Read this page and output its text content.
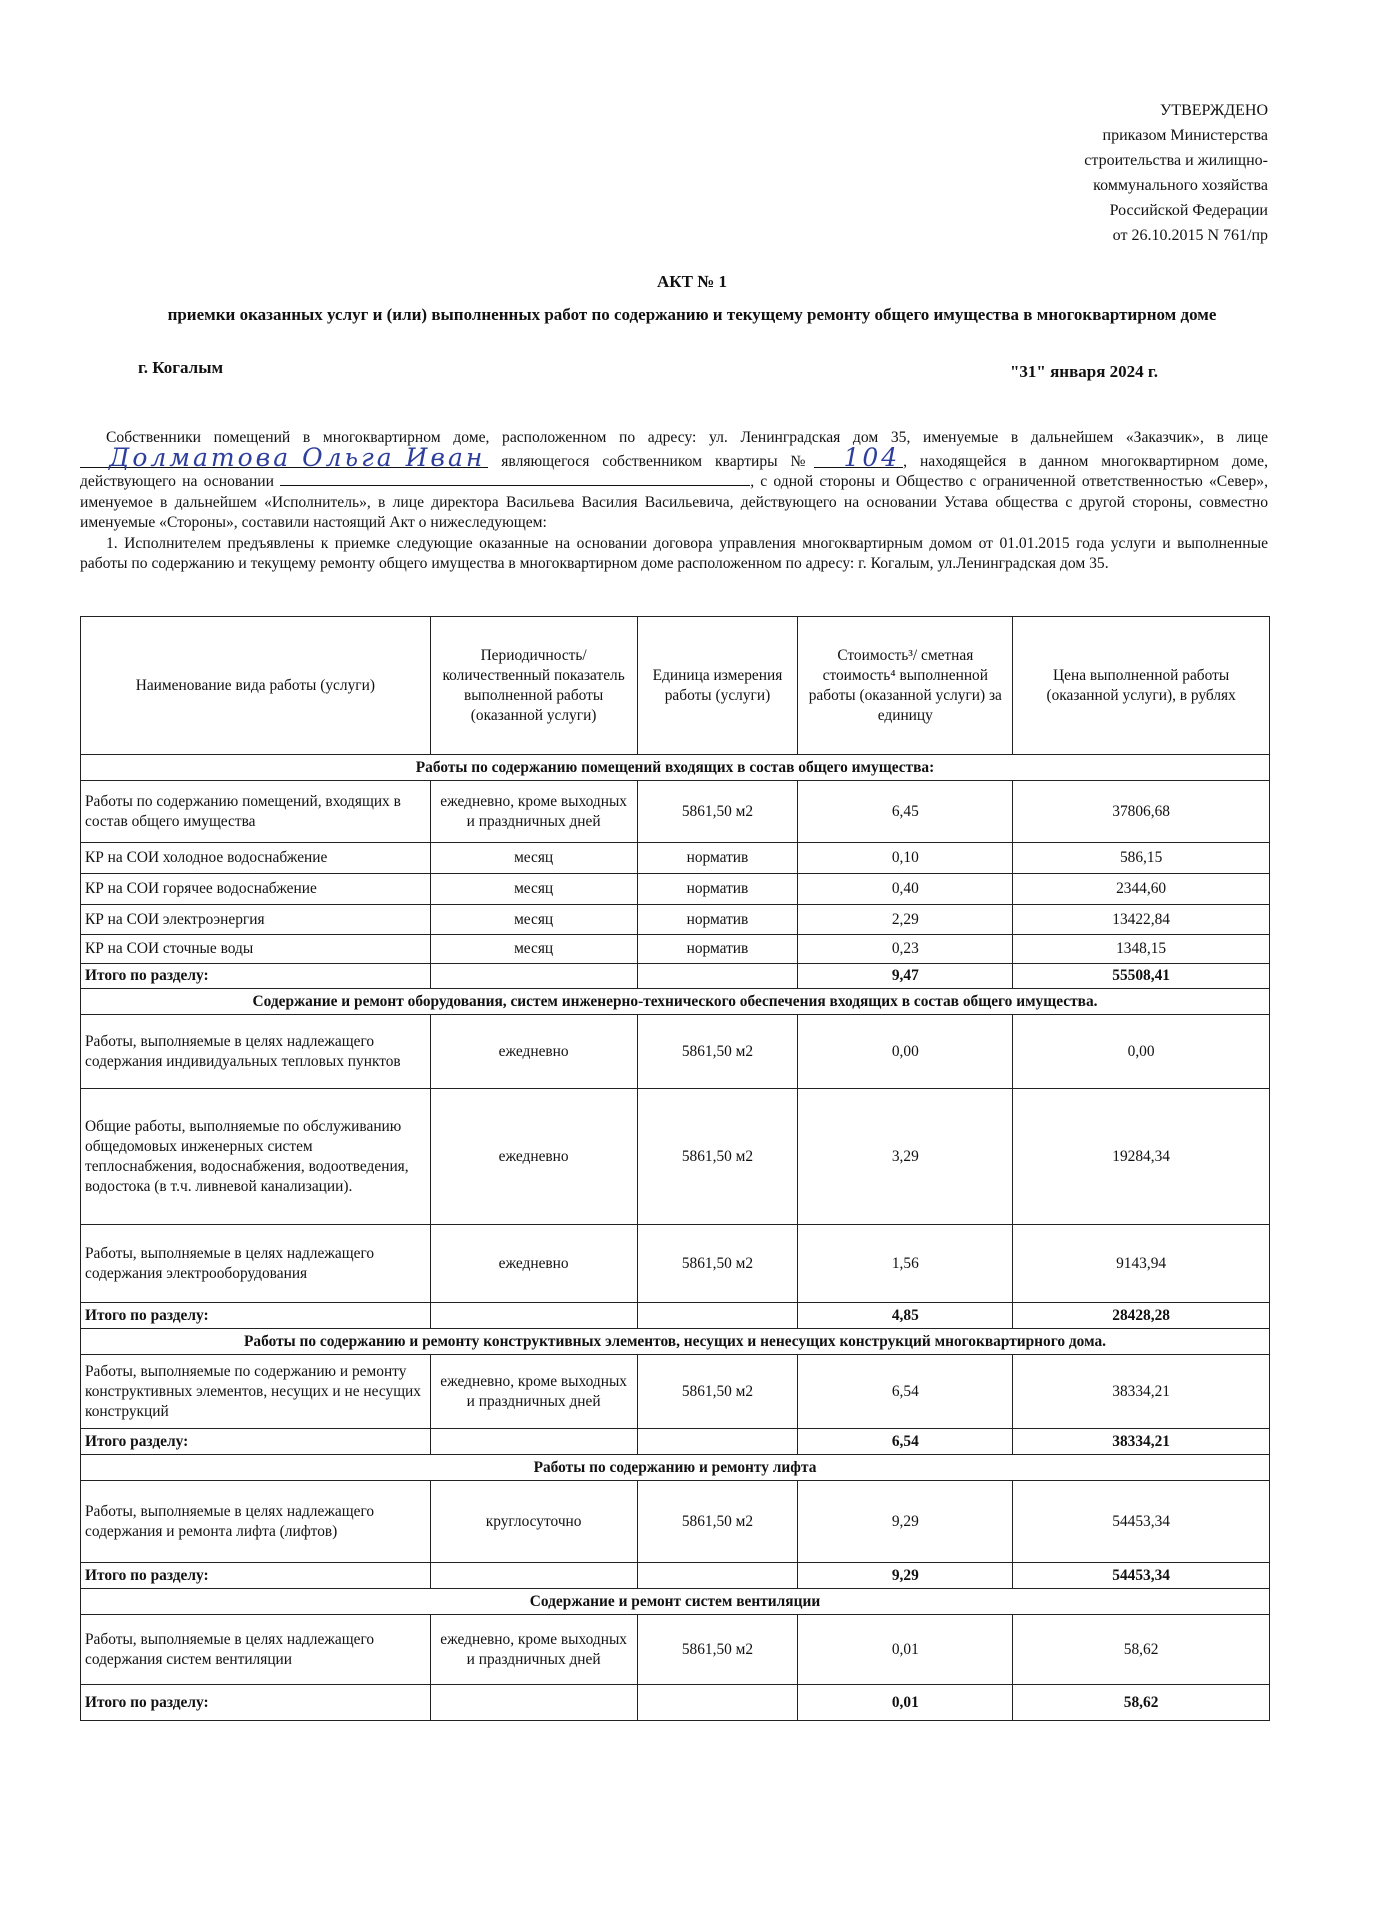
УТВЕРЖДЕНО
приказом Министерства
строительства и жилищно-
коммунального хозяйства
Российской Федерации
от 26.10.2015 N 761/пр
АКТ № 1
приемки оказанных услуг и (или) выполненных работ по содержанию и текущему ремонту общего имущества в многоквартирном доме
г. Когалым	"31" января 2024 г.

Собственники помещений в многоквартирном доме, расположенном по адресу: ул. Ленинградская дом 35, именуемые в дальнейшем «Заказчик», в лице Долматова Ольга Иван являющегося собственником квартиры № 104 , находящейся в данном многоквартирном доме, действующего на основании	, с одной стороны и Общество с ограниченной ответственностью «Север», именуемое в дальнейшем «Исполнитель», в лице директора Васильева Василия Васильевича, действующего на основании Устава общества с другой стороны, совместно именуемые «Стороны», составили настоящий Акт о нижеследующем:

1. Исполнителем предъявлены к приемке следующие оказанные на основании договора управления многоквартирным домом от 01.01.2015 года услуги и выполненные работы по содержанию и текущему ремонту общего имущества в многоквартирном доме расположенном по адресу: г. Когалым, ул.Ленинградская дом 35.

Наименование вида работы (услуги)	Периодичность/ количественный показатель выполненной работы (оказанной услуги)	Единица измерения работы (услуги)	Стоимость³/ сметная стоимость⁴ выполненной работы (оказанной услуги) за единицу	Цена выполненной работы (оказанной услуги), в рублях
Работы по содержанию помещений входящих в состав общего имущества:				
Работы по содержанию помещений, входящих в состав общего имущества	ежедневно, кроме выходных и праздничных дней	5861,50 м2	6,45	37806,68
КР на СОИ холодное водоснабжение	месяц	норматив	0,10	586,15
КР на СОИ горячее водоснабжение	месяц	норматив	0,40	2344,60
КР на СОИ электроэнергия	месяц	норматив	2,29	13422,84
КР на СОИ сточные воды	месяц	норматив	0,23	1348,15
Итого по разделу:			9,47	55508,41
Содержание и ремонт оборудования, систем инженерно-технического обеспечения входящих в состав общего имущества.				
Работы, выполняемые в целях надлежащего содержания индивидуальных тепловых пунктов	ежедневно	5861,50 м2	0,00	0,00
Общие работы, выполняемые по обслуживанию общедомовых инженерных систем теплоснабжения, водоснабжения, водоотведения, водостока (в т.ч. ливневой канализации).	ежедневно	5861,50 м2	3,29	19284,34
Работы, выполняемые в целях надлежащего содержания электрооборудования	ежедневно	5861,50 м2	1,56	9143,94
Итого по разделу:			4,85	28428,28
Работы по содержанию и ремонту конструктивных элементов, несущих и ненесущих конструкций многоквартирного дома.				
Работы, выполняемые по содержанию и ремонту конструктивных элементов, несущих и не несущих конструкций	ежедневно, кроме выходных и праздничных дней	5861,50 м2	6,54	38334,21
Итого разделу:			6,54	38334,21
Работы по содержанию и ремонту лифта				
Работы, выполняемые в целях надлежащего содержания и ремонта лифта (лифтов)	круглосуточно	5861,50 м2	9,29	54453,34
Итого по разделу:			9,29	54453,34
Содержание и ремонт систем вентиляции				
Работы, выполняемые в целях надлежащего содержания систем вентиляции	ежедневно, кроме выходных и праздничных дней	5861,50 м2	0,01	58,62
Итого по разделу:			0,01	58,62
